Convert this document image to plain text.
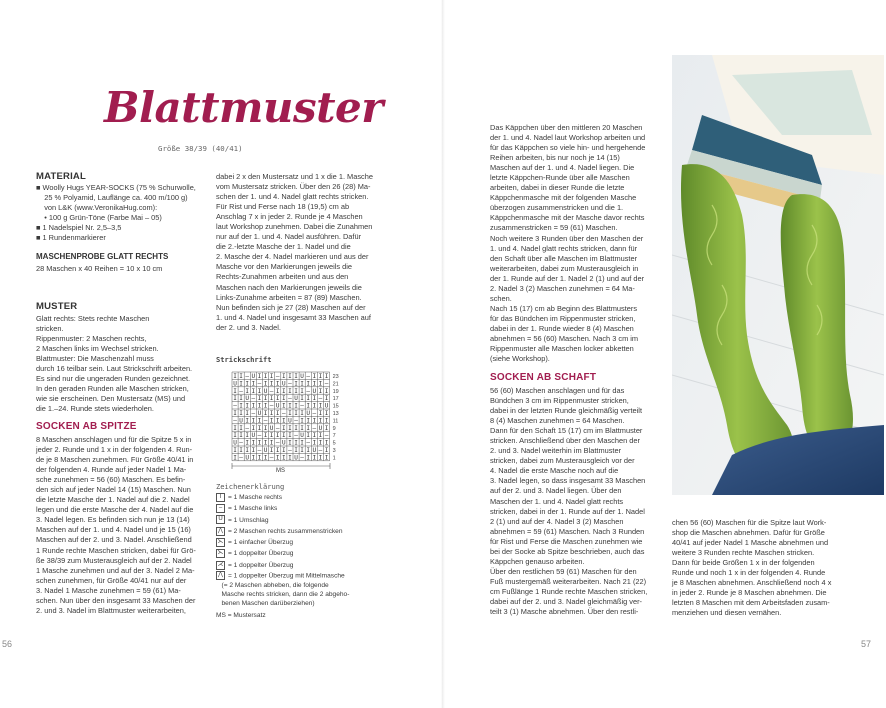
Blattmuster
Größe 38/39 (40/41)
MATERIAL
■ Woolly Hugs YEAR-SOCKS (75 % Schurwolle,
25 % Polyamid, Lauflänge ca. 400 m/100 g)
von L&K (www.VeronikaHug.com):
• 100 g Grün-Töne (Farbe Mai – 05)
■ 1 Nadelspiel Nr. 2,5–3,5
■ 1 Rundenmarkierer
MASCHENPROBE GLATT RECHTS
28 Maschen x 40 Reihen = 10 x 10 cm
MUSTER
Glatt rechts: Stets rechte Maschen
stricken.
Rippenmuster: 2 Maschen rechts,
2 Maschen links im Wechsel stricken.
Blattmuster: Die Maschenzahl muss
durch 16 teilbar sein. Laut Strickschrift arbeiten.
Es sind nur die ungeraden Runden gezeichnet.
In den geraden Runden alle Maschen stricken,
wie sie erscheinen. Den Mustersatz (MS) und
die 1.–24. Runde stets wiederholen.
SOCKEN AB SPITZE
8 Maschen anschlagen und für die Spitze 5 x in
jeder 2. Runde und 1 x in der folgenden 4. Run-
de je 8 Maschen zunehmen. Für Größe 40/41 in
der folgenden 4. Runde auf jeder Nadel 1 Ma-
sche zunehmen = 56 (60) Maschen. Es befin-
den sich auf jeder Nadel 14 (15) Maschen. Nun
die letzte Masche der 1. Nadel auf die 2. Nadel
legen und die erste Masche der 4. Nadel auf die
3. Nadel legen. Es befinden sich nun je 13 (14)
Maschen auf der 1. und 4. Nadel und je 15 (16)
Maschen auf der 2. und 3. Nadel. Anschließend
1 Runde rechte Maschen stricken, dabei für Grö-
ße 38/39 zum Musterausgleich auf der 2. Nadel
1 Masche zunehmen und auf der 3. Nadel 2 Ma-
schen zunehmen, für Größe 40/41 nur auf der
3. Nadel 1 Masche zunehmen = 59 (61) Ma-
schen. Nun über den insgesamt 33 Maschen der
2. und 3. Nadel im Blattmuster weiterarbeiten,
dabei 2 x den Mustersatz und 1 x die 1. Masche
vom Mustersatz stricken. Über den 26 (28) Ma-
schen der 1. und 4. Nadel glatt rechts stricken.
Für Rist und Ferse nach 18 (19,5) cm ab
Anschlag 7 x in jeder 2. Runde je 4 Maschen
laut Workshop zunehmen. Dabei die Zunahmen
nur auf der 1. und 4. Nadel ausführen. Dafür
die 2.-letzte Masche der 1. Nadel und die
2. Masche der 4. Nadel markieren und aus der
Masche vor den Markierungen jeweils die
Rechts-Zunahmen arbeiten und aus den
Maschen nach den Markierungen jeweils die
Links-Zunahme arbeiten = 87 (89) Maschen.
Nun befinden sich je 27 (28) Maschen auf der
1. und 4. Nadel und insgesamt 33 Maschen auf
der 2. und 3. Nadel.
Strickschrift
I I – U I I I – I I I U – I I I
U I I I – I I I U – I I I I I –
I – I I I U – I I I I I – U I I
I I U – I I I I I – U I I I – I
– I I I I I – U I I I – I I I U
I I I – U I I I – I I I U – I I
– U I I I – I I I U – I I I I I
I I – I I I U – I I I I I – U I
I I I U – I I I I I – U I I I –
U – I I I I I – U I I I – I I I
I I I I – U I I I – I I I U – I
I – U I I I – I I I U – I I I I
23
21
19
17
15
13
11
9
7
5
3
1
MS
Zeichenerklärung
I = 1 Masche rechts
– = 1 Masche links
U = 1 Umschlag
⋀ = 2 Maschen rechts zusammenstricken
⋋ = 1 einfacher Überzug
⋋ = 1 doppelter Überzug
⋌ = 1 doppelter Überzug
⋀ = 1 doppelter Überzug mit Mittelmasche
(= 2 Maschen abheben, die folgende
Masche rechts stricken, dann die 2 abgeho-
benen Maschen darüberziehen)
MS = Mustersatz
56
Das Käppchen über den mittleren 20 Maschen
der 1. und 4. Nadel laut Workshop arbeiten und
für das Käppchen so viele hin- und hergehende
Reihen arbeiten, bis nur noch je 14 (15)
Maschen auf der 1. und 4. Nadel liegen. Die
letzte Käppchen-Runde über alle Maschen
arbeiten, dabei in dieser Runde die letzte
Käppchenmasche mit der folgenden Masche
überzogen zusammenstricken und die 1.
Käppchenmasche mit der Masche davor rechts
zusammenstricken = 59 (61) Maschen.
Noch weitere 3 Runden über den Maschen der
1. und 4. Nadel glatt rechts stricken, dann für
den Schaft über alle Maschen im Blattmuster
weiterarbeiten, dabei zum Musterausgleich in
der 1. Runde auf der 1. Nadel 2 (1) und auf der
2. Nadel 3 (2) Maschen zunehmen = 64 Ma-
schen.
Nach 15 (17) cm ab Beginn des Blattmusters
für das Bündchen im Rippenmuster stricken,
dabei in der 1. Runde wieder 8 (4) Maschen
abnehmen = 56 (60) Maschen. Nach 3 cm im
Rippenmuster alle Maschen locker abketten
(siehe Workshop).
SOCKEN AB SCHAFT
56 (60) Maschen anschlagen und für das
Bündchen 3 cm im Rippenmuster stricken,
dabei in der letzten Runde gleichmäßig verteilt
8 (4) Maschen zunehmen = 64 Maschen.
Dann für den Schaft 15 (17) cm im Blattmuster
stricken. Anschließend über den Maschen der
2. und 3. Nadel weiterhin im Blattmuster
stricken, dabei zum Musterausgleich vor der
4. Nadel die erste Masche noch auf die
3. Nadel legen, so dass insgesamt 33 Maschen
auf der 2. und 3. Nadel liegen. Über den
Maschen der 1. und 4. Nadel glatt rechts
stricken, dabei in der 1. Runde auf der 1. Nadel
2 (1) und auf der 4. Nadel 3 (2) Maschen
abnehmen = 59 (61) Maschen. Nach 3 Runden
für Rist und Ferse die Maschen zunehmen wie
bei der Socke ab Spitze beschrieben, auch das
Käppchen genauso arbeiten.
Über den restlichen 59 (61) Maschen für den
Fuß mustergemäß weiterarbeiten. Nach 21 (22)
cm Fußlänge 1 Runde rechte Maschen stricken,
dabei auf der 2. und 3. Nadel gleichmäßig ver-
teilt 3 (1) Masche abnehmen. Über den restli-
chen 56 (60) Maschen für die Spitze laut Work-
shop die Maschen abnehmen. Dafür für Größe
40/41 auf jeder Nadel 1 Masche abnehmen und
weitere 3 Runden rechte Maschen stricken.
Dann für beide Größen 1 x in der folgenden
Runde und noch 1 x in der folgenden 4. Runde
je 8 Maschen abnehmen. Anschließend noch 4 x
in jeder 2. Runde je 8 Maschen abnehmen. Die
letzten 8 Maschen mit dem Arbeitsfaden zusam-
menziehen und diesen vernähen.
57
